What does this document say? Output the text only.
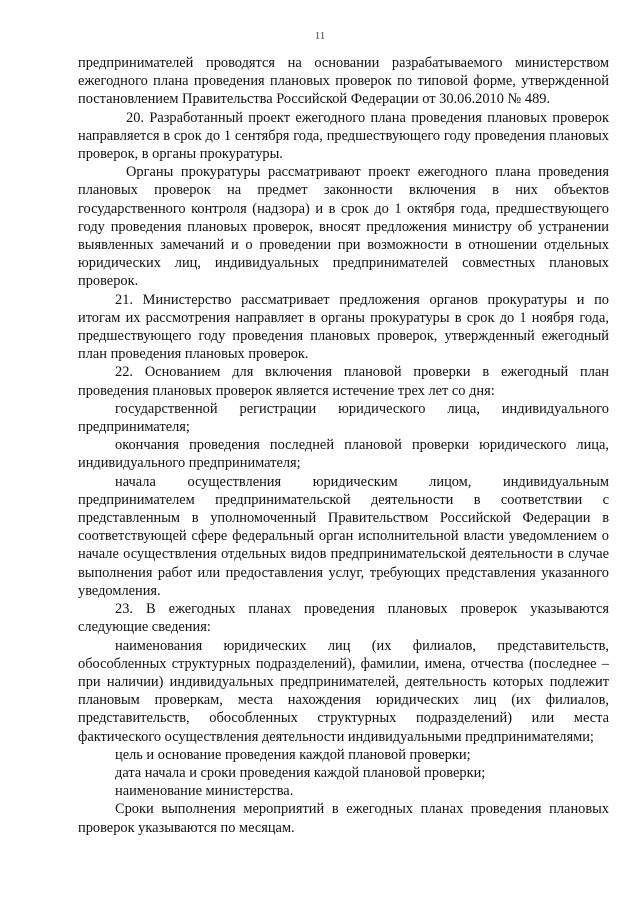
11

предпринимателей проводятся на основании разрабатываемого министерством ежегодного плана проведения плановых проверок по типовой форме, утвержденной постановлением Правительства Российской Федерации от 30.06.2010 № 489.

20. Разработанный проект ежегодного плана проведения плановых проверок направляется в срок до 1 сентября года, предшествующего году проведения плановых проверок, в органы прокуратуры.

Органы прокуратуры рассматривают проект ежегодного плана проведения плановых проверок на предмет законности включения в них объектов государственного контроля (надзора) и в срок до 1 октября года, предшествующего году проведения плановых проверок, вносят предложения министру об устранении выявленных замечаний и о проведении при возможности в отношении отдельных юридических лиц, индивидуальных предпринимателей совместных плановых проверок.

21. Министерство рассматривает предложения органов прокуратуры и по итогам их рассмотрения направляет в органы прокуратуры в срок до 1 ноября года, предшествующего году проведения плановых проверок, утвержденный ежегодный план проведения плановых проверок.

22. Основанием для включения плановой проверки в ежегодный план проведения плановых проверок является истечение трех лет со дня:

государственной регистрации юридического лица, индивидуального предпринимателя;

окончания проведения последней плановой проверки юридического лица, индивидуального предпринимателя;

начала осуществления юридическим лицом, индивидуальным предпринимателем предпринимательской деятельности в соответствии с представленным в уполномоченный Правительством Российской Федерации в соответствующей сфере федеральный орган исполнительной власти уведомлением о начале осуществления отдельных видов предпринимательской деятельности в случае выполнения работ или предоставления услуг, требующих представления указанного уведомления.

23. В ежегодных планах проведения плановых проверок указываются следующие сведения:

наименования юридических лиц (их филиалов, представительств, обособленных структурных подразделений), фамилии, имена, отчества (последнее – при наличии) индивидуальных предпринимателей, деятельность которых подлежит плановым проверкам, места нахождения юридических лиц (их филиалов, представительств, обособленных структурных подразделений) или места фактического осуществления деятельности индивидуальными предпринимателями;

цель и основание проведения каждой плановой проверки;

дата начала и сроки проведения каждой плановой проверки;

наименование министерства.

Сроки выполнения мероприятий в ежегодных планах проведения плановых проверок указываются по месяцам.
